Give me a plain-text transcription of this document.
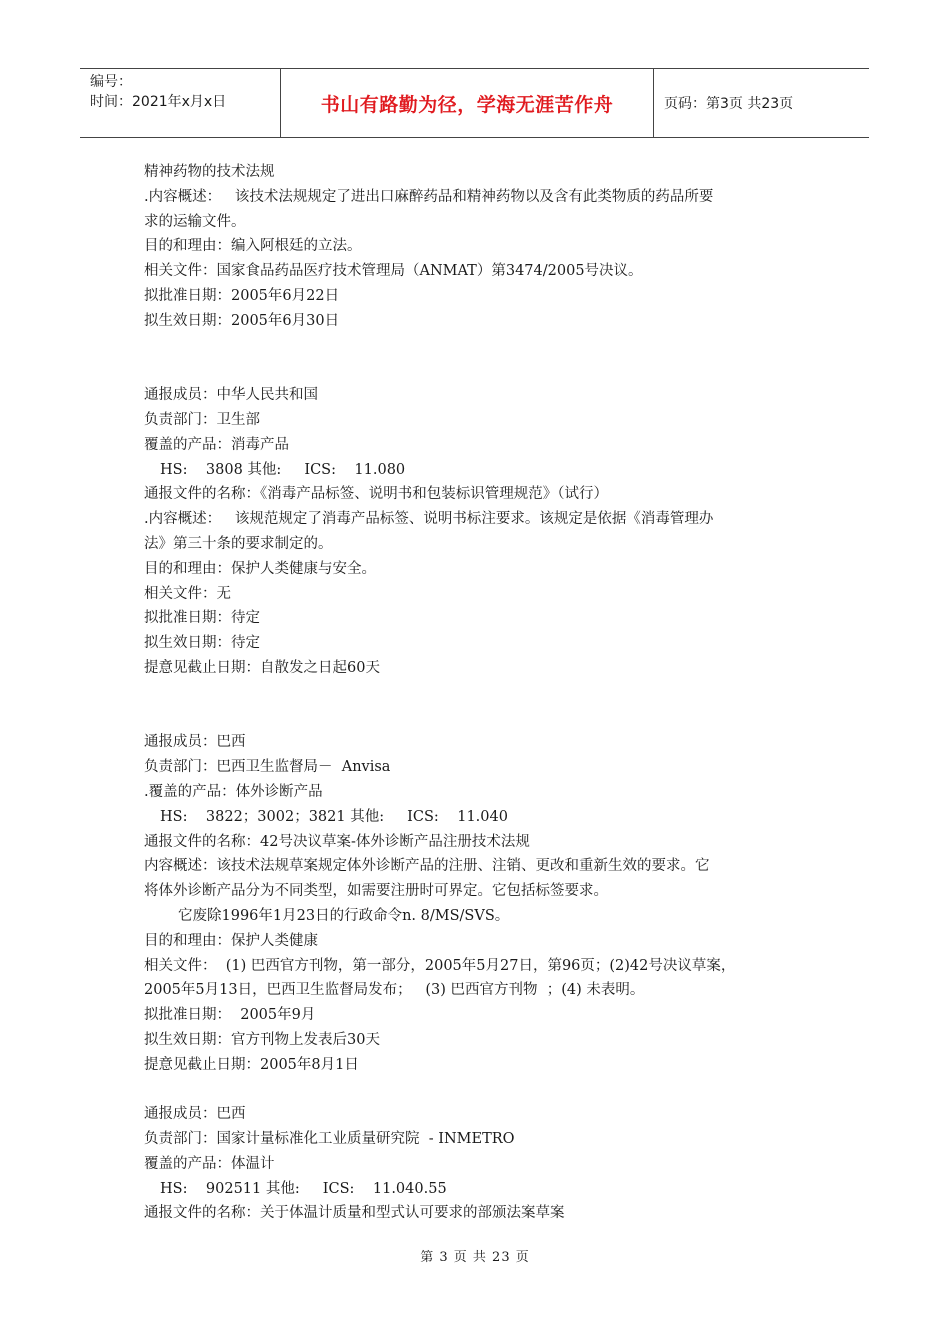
编号：
时间：2021年x月x日	书山有路勤为径，学海无涯苦作舟	页码：第3页 共23页

精神药物的技术法规

.内容概述：   该技术法规规定了进出口麻醉药品和精神药物以及含有此类物质的药品所要

求的运输文件。

目的和理由：编入阿根廷的立法。

相关文件：国家食品药品医疗技术管理局（ANMAT）第3474/2005号决议。

拟批准日期：2005年6月22日

拟生效日期：2005年6月30日

通报成员：中华人民共和国

负责部门：卫生部

覆盖的产品：消毒产品

HS:    3808 其他:     ICS:    11.080

通报文件的名称：《消毒产品标签、说明书和包装标识管理规范》（试行）

.内容概述：   该规范规定了消毒产品标签、说明书标注要求。该规定是依据《消毒管理办

法》第三十条的要求制定的。

目的和理由：保护人类健康与安全。

相关文件：无

拟批准日期：待定

拟生效日期：待定

提意见截止日期：自散发之日起60天

通报成员：巴西

负责部门：巴西卫生监督局－  Anvisa

.覆盖的产品：体外诊断产品

HS:    3822；3002；3821 其他:     ICS:    11.040

通报文件的名称：42号决议草案-体外诊断产品注册技术法规

内容概述：该技术法规草案规定体外诊断产品的注册、注销、更改和重新生效的要求。它

将体外诊断产品分为不同类型，如需要注册时可界定。它包括标签要求。

它废除1996年1月23日的行政命令n. 8/MS/SVS。

目的和理由：保护人类健康

相关文件：  (1) 巴西官方刊物，第一部分，2005年5月27日，第96页；(2)42号决议草案，

2005年5月13日，巴西卫生监督局发布；   (3) 巴西官方刊物  ；(4) 未表明。

拟批准日期：  2005年9月

拟生效日期：官方刊物上发表后30天

提意见截止日期：2005年8月1日

通报成员：巴西

负责部门：国家计量标准化工业质量研究院  - INMETRO

覆盖的产品：体温计

HS:    902511 其他:     ICS:    11.040.55

通报文件的名称：关于体温计质量和型式认可要求的部颁法案草案

第 3 页 共 23 页
